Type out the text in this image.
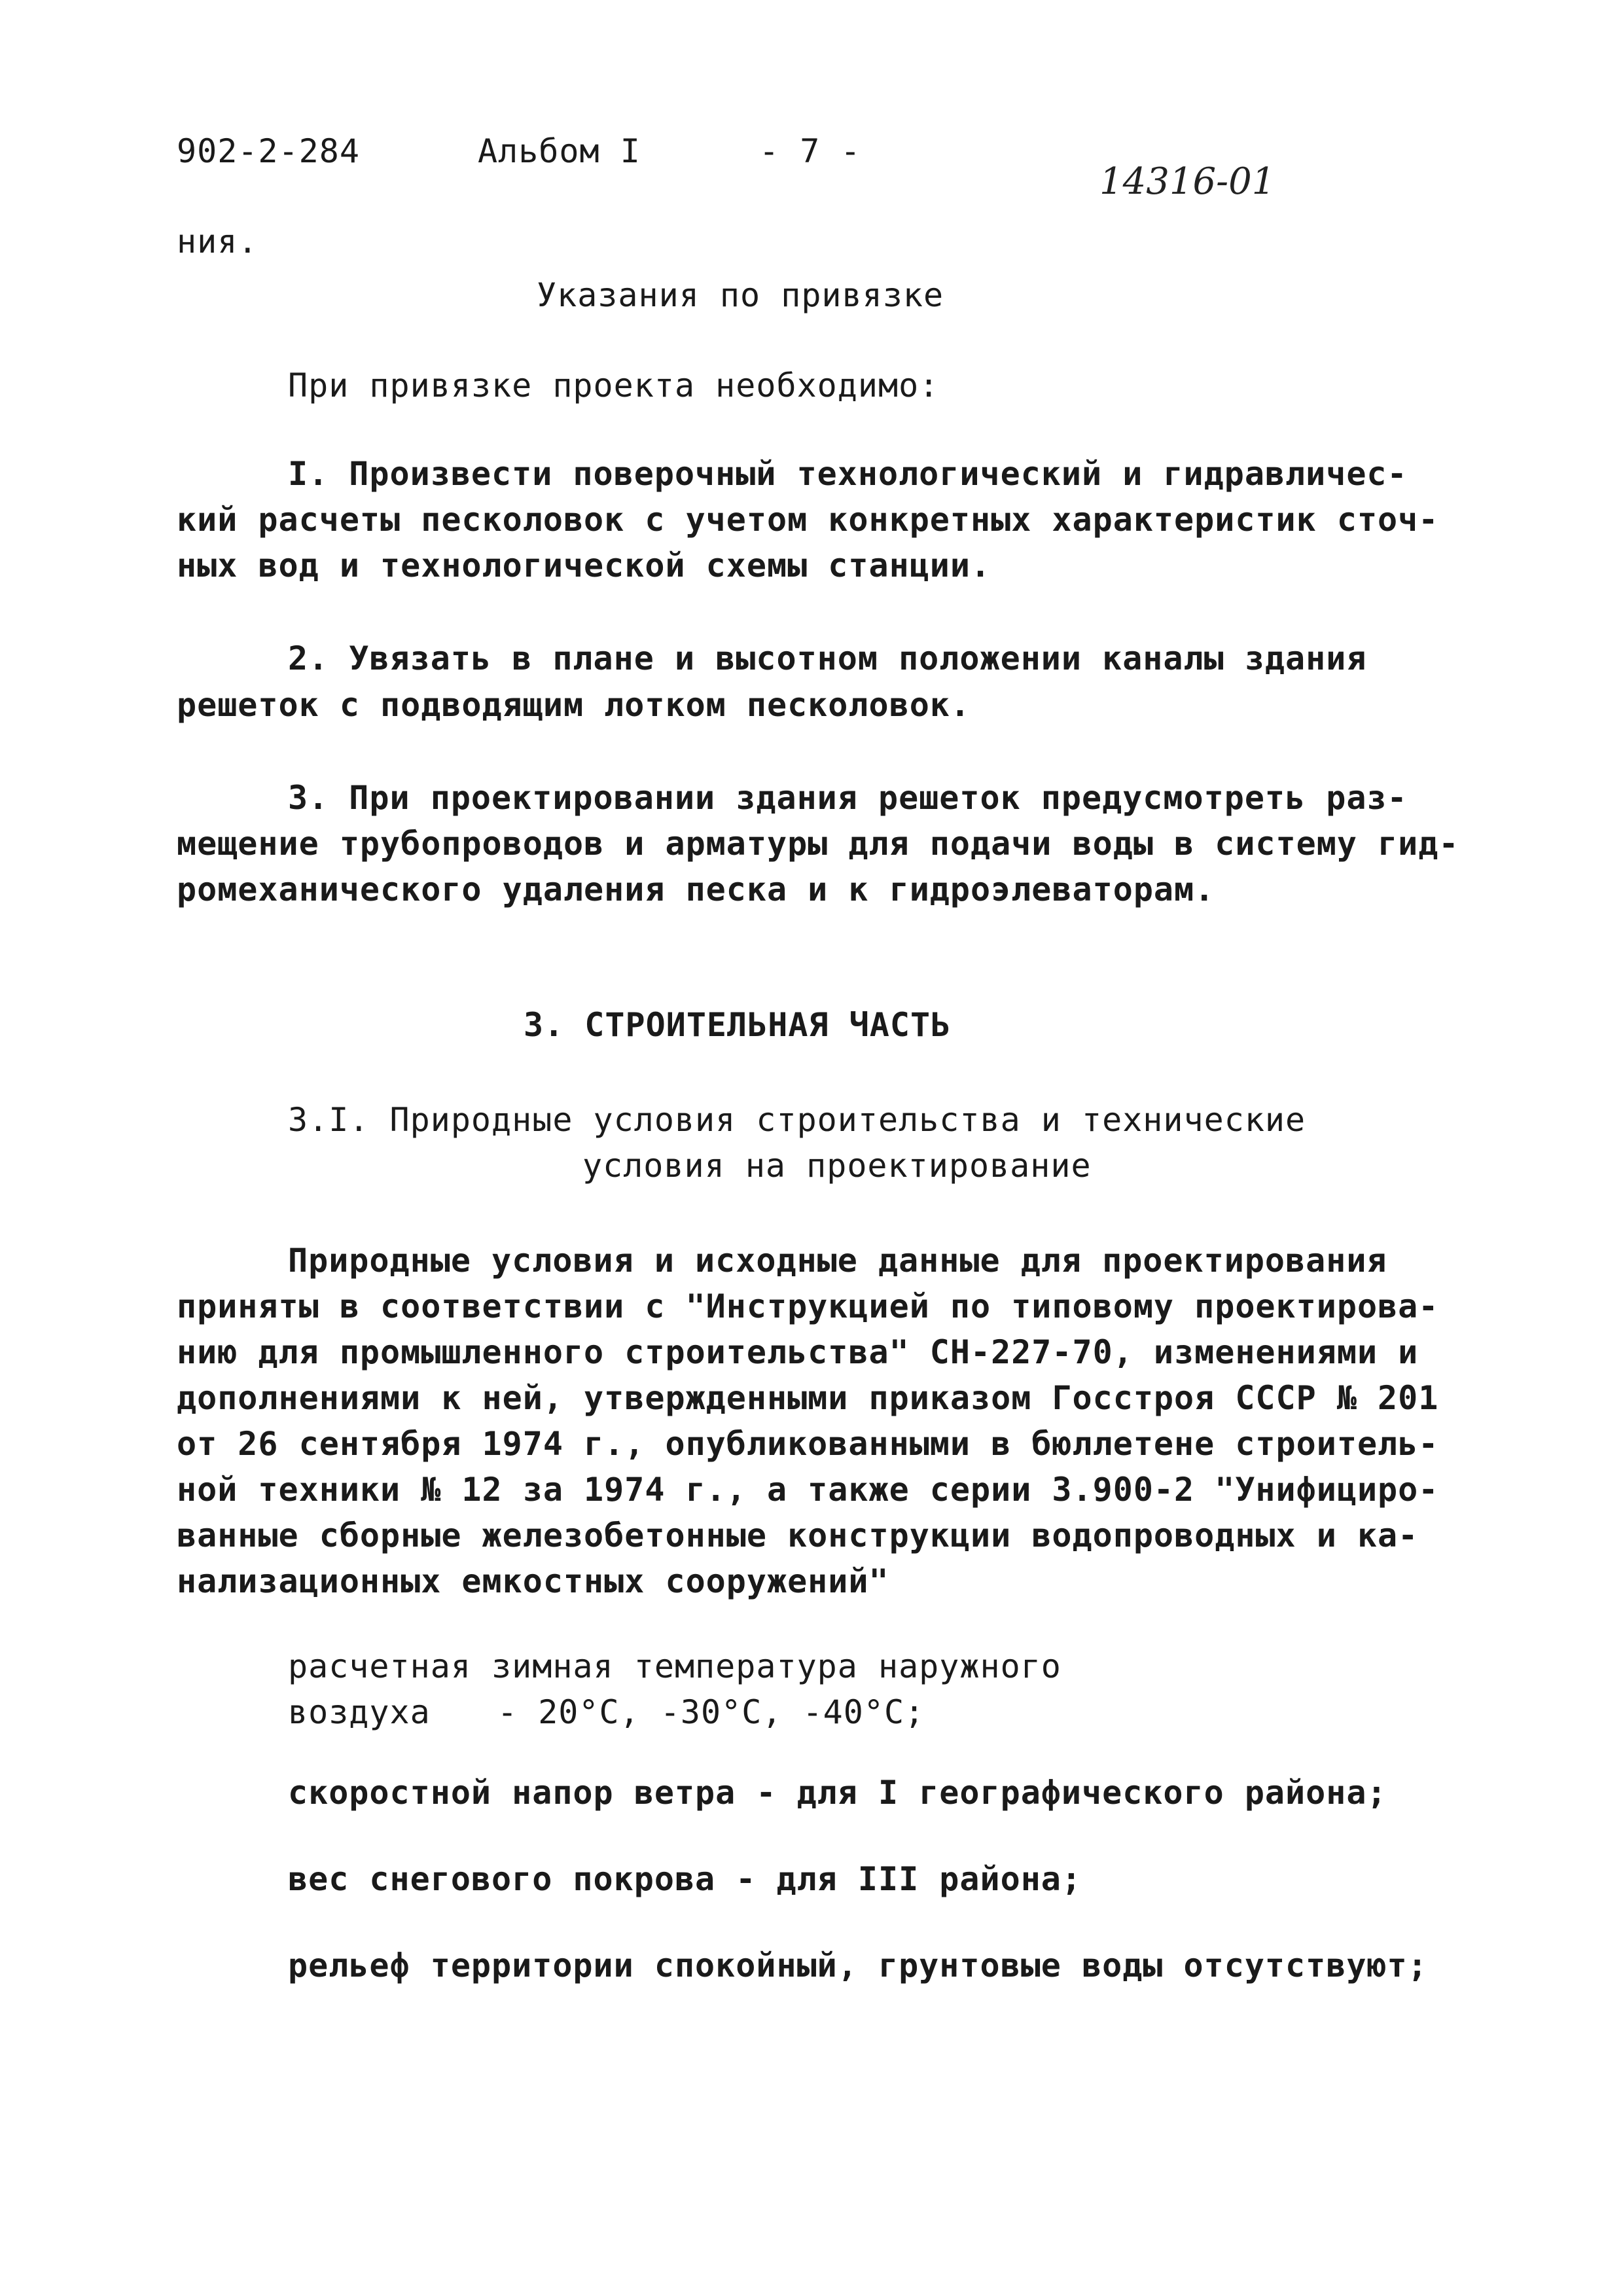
902-2-284	Альбом I	- 7 -
14316-01
ния.
Указания по привязке
При привязке проекта необходимо:
I. Произвести поверочный технологический и гидравличес-
кий расчеты песколовок с учетом конкретных характеристик сточ-
ных вод и технологической схемы станции.
2. Увязать в плане и высотном положении каналы здания
решеток с подводящим лотком песколовок.
3. При проектировании здания решеток предусмотреть раз-
мещение трубопроводов и арматуры для подачи воды в систему гид-
ромеханического удаления песка и к гидроэлеваторам.
3. СТРОИТЕЛЬНАЯ ЧАСТЬ
3.I. Природные условия строительства и технические
условия на проектирование
Природные условия и исходные данные для проектирования
приняты в соответствии с "Инструкцией по типовому проектирова-
нию для промышленного строительства" СН-227-70, изменениями и
дополнениями к ней, утвержденными приказом Госстроя СССР № 201
от 26 сентября 1974 г., опубликованными в бюллетене строитель-
ной техники № 12 за 1974 г., а также серии 3.900-2 "Унифициро-
ванные сборные железобетонные конструкции водопроводных и ка-
нализационных емкостных сооружений"
расчетная зимная температура наружного
воздуха - 20°С, -30°С, -40°С;
скоростной напор ветра - для I географического района;
вес снегового покрова - для III района;
рельеф территории спокойный, грунтовые воды отсутствуют;
